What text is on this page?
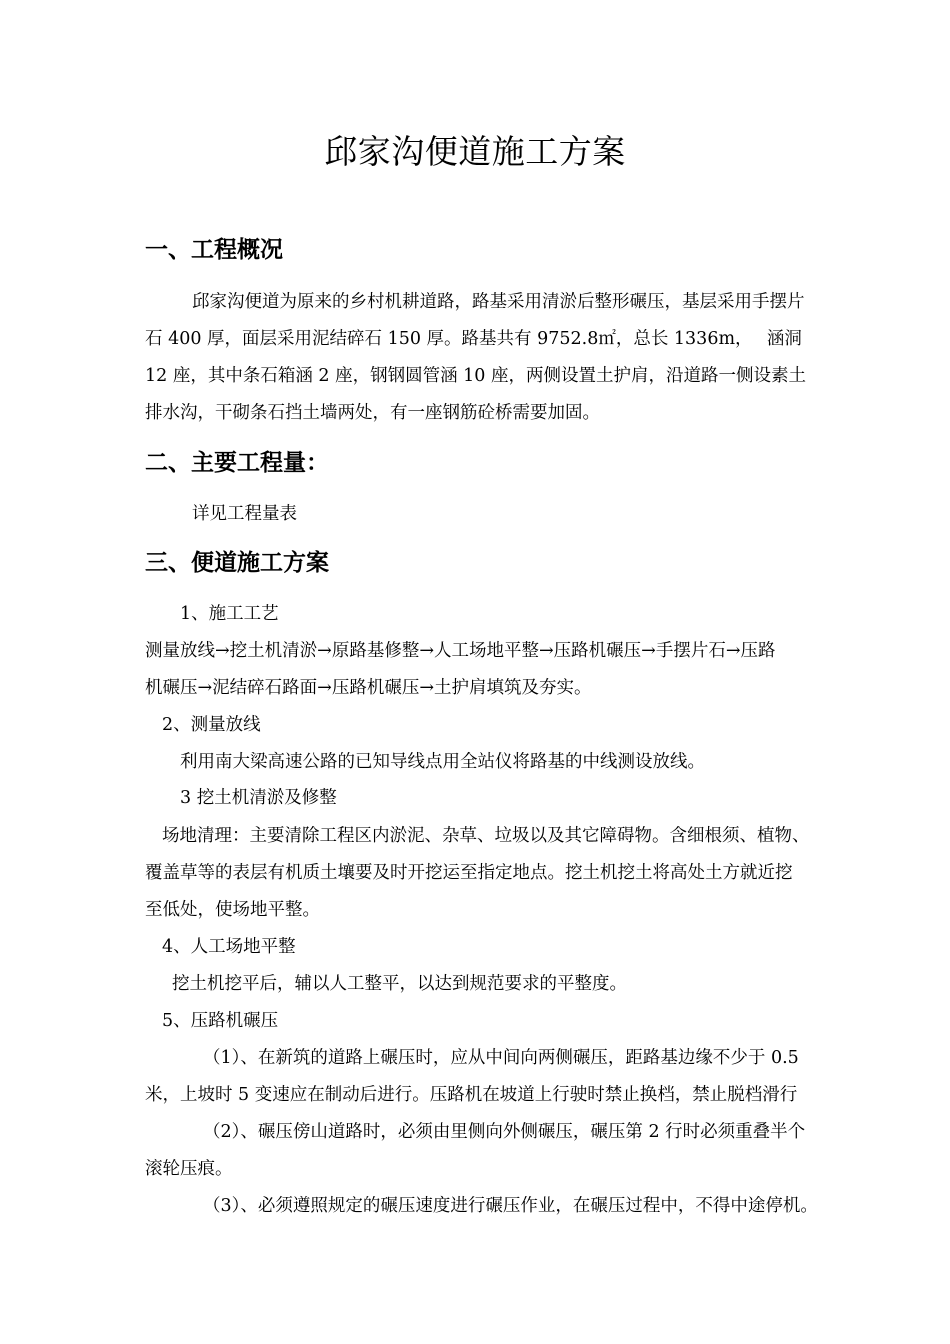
邱家沟便道施工方案
一、工程概况

邱家沟便道为原来的乡村机耕道路，路基采用清淤后整形碾压，基层采用手摆片

石 400 厚，面层采用泥结碎石 150 厚。路基共有 9752.8㎡，总长 1336m，　 涵洞

12 座，其中条石箱涵 2 座，钢钢圆管涵 10 座，两侧设置土护肩，沿道路一侧设素土

排水沟，干砌条石挡土墙两处，有一座钢筋砼桥需要加固。

二、主要工程量：

详见工程量表

三、便道施工方案

1、施工工艺

测量放线→挖土机清淤→原路基修整→人工场地平整→压路机碾压→手摆片石→压路

机碾压→泥结碎石路面→压路机碾压→土护肩填筑及夯实。

2、测量放线

利用南大梁高速公路的已知导线点用全站仪将路基的中线测设放线。

3 挖土机清淤及修整

场地清理：主要清除工程区内淤泥、杂草、垃圾以及其它障碍物。含细根须、植物、

覆盖草等的表层有机质土壤要及时开挖运至指定地点。挖土机挖土将高处土方就近挖

至低处，使场地平整。

4、人工场地平整

挖土机挖平后，辅以人工整平，以达到规范要求的平整度。

5、压路机碾压

（1）、在新筑的道路上碾压时，应从中间向两侧碾压，距路基边缘不少于 0.5

米，上坡时 5 变速应在制动后进行。压路机在坡道上行驶时禁止换档，禁止脱档滑行

（2）、碾压傍山道路时，必须由里侧向外侧碾压，碾压第 2 行时必须重叠半个

滚轮压痕。

（3）、必须遵照规定的碾压速度进行碾压作业，在碾压过程中，不得中途停机。
